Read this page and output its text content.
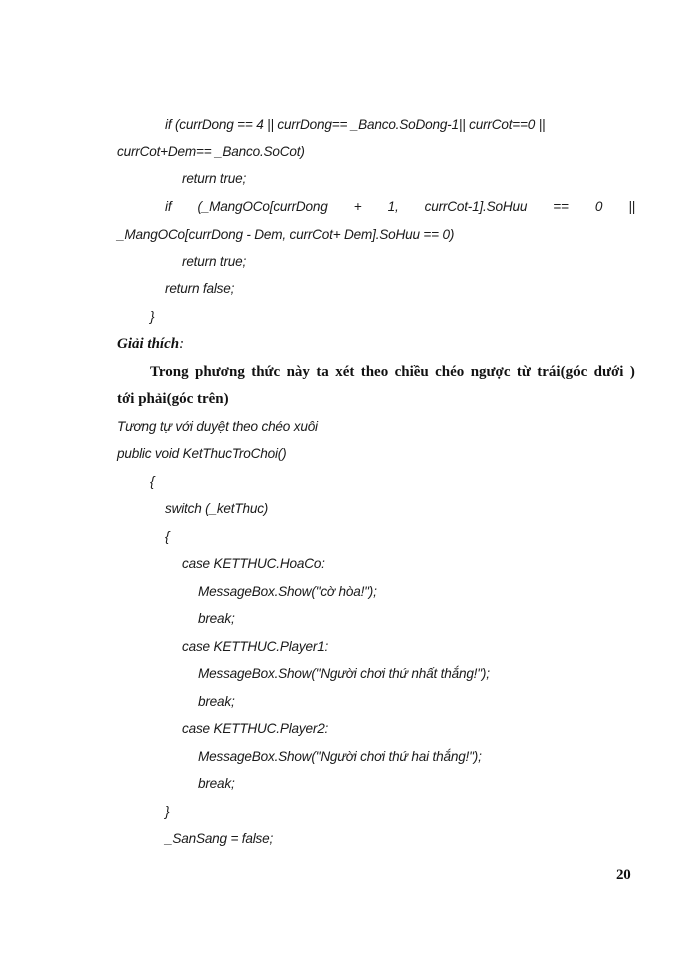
if (currDong == 4 || currDong== _Banco.SoDong-1|| currCot==0 ||
currCot+Dem== _Banco.SoCot)
return true;
if (_MangOCo[currDong + 1, currCot-1].SoHuu == 0 ||
_MangOCo[currDong - Dem, currCot+ Dem].SoHuu == 0)
return true;
return false;
}
Giải thích:
Trong phương thức này ta xét theo chiều chéo ngược từ trái(góc dưới )
tới phải(góc trên)
Tương tự với duyệt theo chéo xuôi
public void KetThucTroChoi()
{
switch (_ketThuc)
{
case KETTHUC.HoaCo:
MessageBox.Show("cờ hòa!");
break;
case KETTHUC.Player1:
MessageBox.Show("Người chơi thứ nhất thắng!");
break;
case KETTHUC.Player2:
MessageBox.Show("Người chơi thứ hai thắng!");
break;
}
_SanSang = false;
20
